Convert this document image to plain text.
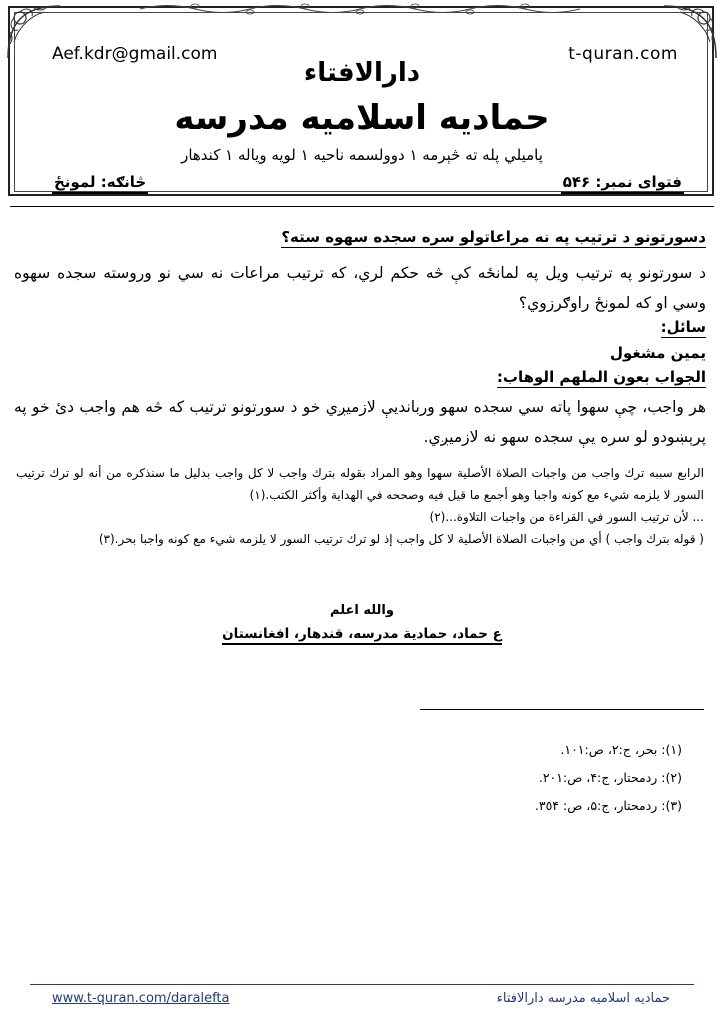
Aef.kdr@gmail.com	t-quran.com
دارالافتاء
حمادیه اسلامیه مدرسه
پامیلي پله ته څېرمه ۱ دوولسمه ناحیه ۱ لویه ویاله ۱ کندهار
فتوای نمبر: ۵۴۶
څانګه: لمونځ
دسورتونو د ترتیب په نه مراعاتولو سره سجده سهوه سته؟
د سورتونو په ترتیب ویل په لمانځه کې څه حکم لري، که ترتیب مراعات نه سي نو وروسته سجده سهوه وسي او که لمونځ راوګرزوي؟
سائل:
یمین مشغول
الجواب بعون الملهم الوهاب:
هر واجب، چې سهوا پاته سي سجده سهو وربانديې لازمیږي خو د سورتونو ترتیب که څه هم واجب دئ خو په پرېښودو لو سره یې سجده سهو نه لازمیږي.

الرابع سببه ترك واجب من واجبات الصلاة الأصلية سهوا وهو المراد بقوله بترك واجب لا كل واجب بدليل ما سنذكره من أنه لو ترك ترتيب السور لا يلزمه شيء مع كونه واجبا وهو أجمع ما قيل فيه وصححه في الهداية وأكثر الكتب.(١)

... لأن ترتيب السور في القراءة من واجبات التلاوة...(٢)

( قوله بترك واجب ) أي من واجبات الصلاة الأصلية لا كل واجب إذ لو ترك ترتيب السور لا يلزمه شيء مع كونه واجبا بحر.(٣)

والله اعلم
ع حماد، حمادیة مدرسه، قندهار، افغانستان
(١): بحر، ج:٢، ص:١٠١.
(٢): ردمحتار، ج:۴، ص:٢٠١.
(٣): ردمحتار، ج:۵، ص: ٣٥۴.
www.t-quran.com/daralefta	حمادیه اسلامیه مدرسه دارالافتاء
